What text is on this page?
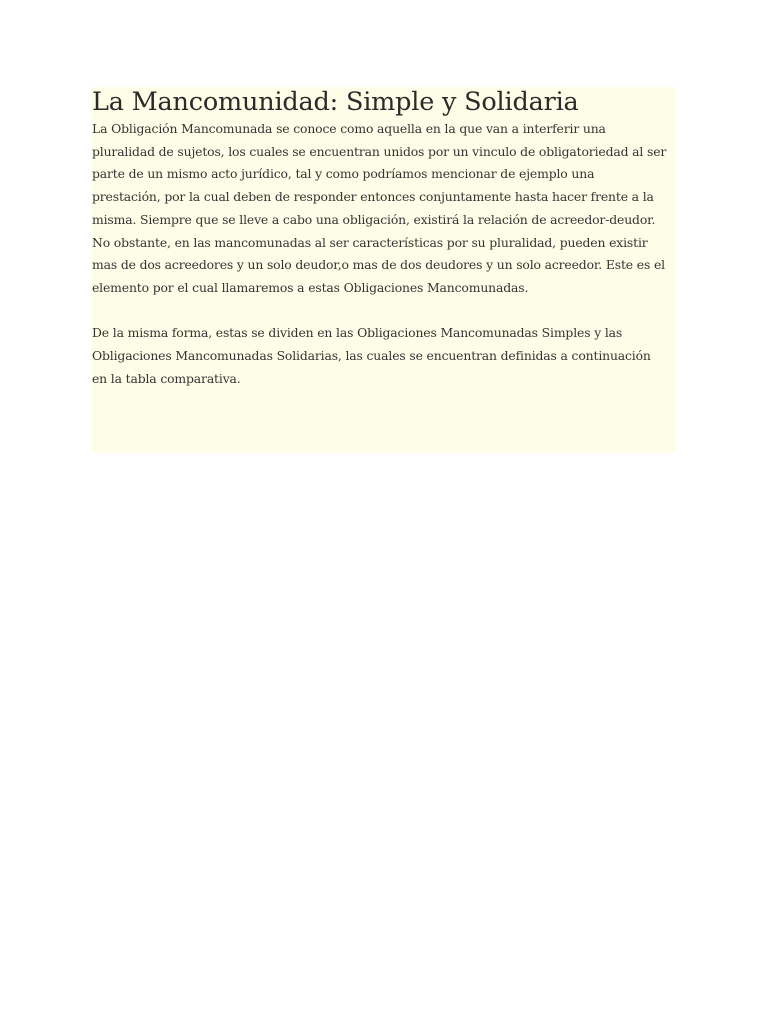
La Mancomunidad: Simple y Solidaria

La Obligación Mancomunada se conoce como aquella en la que van a interferir una
pluralidad de sujetos, los cuales se encuentran unidos por un vinculo de obligatoriedad al ser
parte de un mismo acto jurídico, tal y como podríamos mencionar de ejemplo una
prestación, por la cual deben de responder entonces conjuntamente hasta hacer frente a la
misma. Siempre que se lleve a cabo una obligación, existirá la relación de acreedor-deudor.
No obstante, en las mancomunadas al ser características por su pluralidad, pueden existir
mas de dos acreedores y un solo deudor,o mas de dos deudores y un solo acreedor. Este es el
elemento por el cual llamaremos a estas Obligaciones Mancomunadas.

De la misma forma, estas se dividen en las Obligaciones Mancomunadas Simples y las
Obligaciones Mancomunadas Solidarias, las cuales se encuentran definidas a continuación
en la tabla comparativa.
